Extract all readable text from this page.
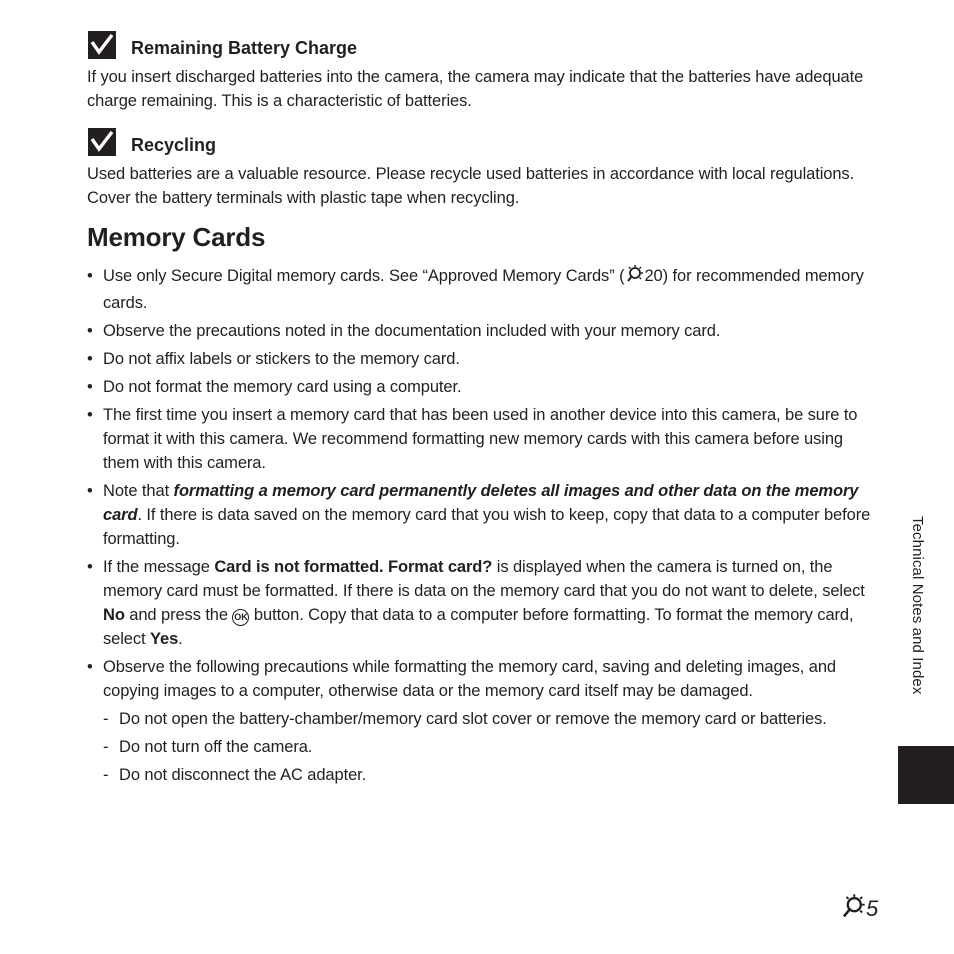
Remaining Battery Charge
If you insert discharged batteries into the camera, the camera may indicate that the batteries have adequate charge remaining. This is a characteristic of batteries.
Recycling
Used batteries are a valuable resource. Please recycle used batteries in accordance with local regulations. Cover the battery terminals with plastic tape when recycling.
Memory Cards
• Use only Secure Digital memory cards. See “Approved Memory Cards” ( 20) for recommended memory cards.
• Observe the precautions noted in the documentation included with your memory card.
• Do not affix labels or stickers to the memory card.
• Do not format the memory card using a computer.
• The first time you insert a memory card that has been used in another device into this camera, be sure to format it with this camera. We recommend formatting new memory cards with this camera before using them with this camera.
• Note that formatting a memory card permanently deletes all images and other data on the memory card. If there is data saved on the memory card that you wish to keep, copy that data to a computer before formatting.
• If the message Card is not formatted. Format card? is displayed when the camera is turned on, the memory card must be formatted. If there is data on the memory card that you do not want to delete, select No and press the OK button. Copy that data to a computer before formatting. To format the memory card, select Yes.
• Observe the following precautions while formatting the memory card, saving and deleting images, and copying images to a computer, otherwise data or the memory card itself may be damaged.
- Do not open the battery-chamber/memory card slot cover or remove the memory card or batteries.
- Do not turn off the camera.
- Do not disconnect the AC adapter.
Technical Notes and Index
5
